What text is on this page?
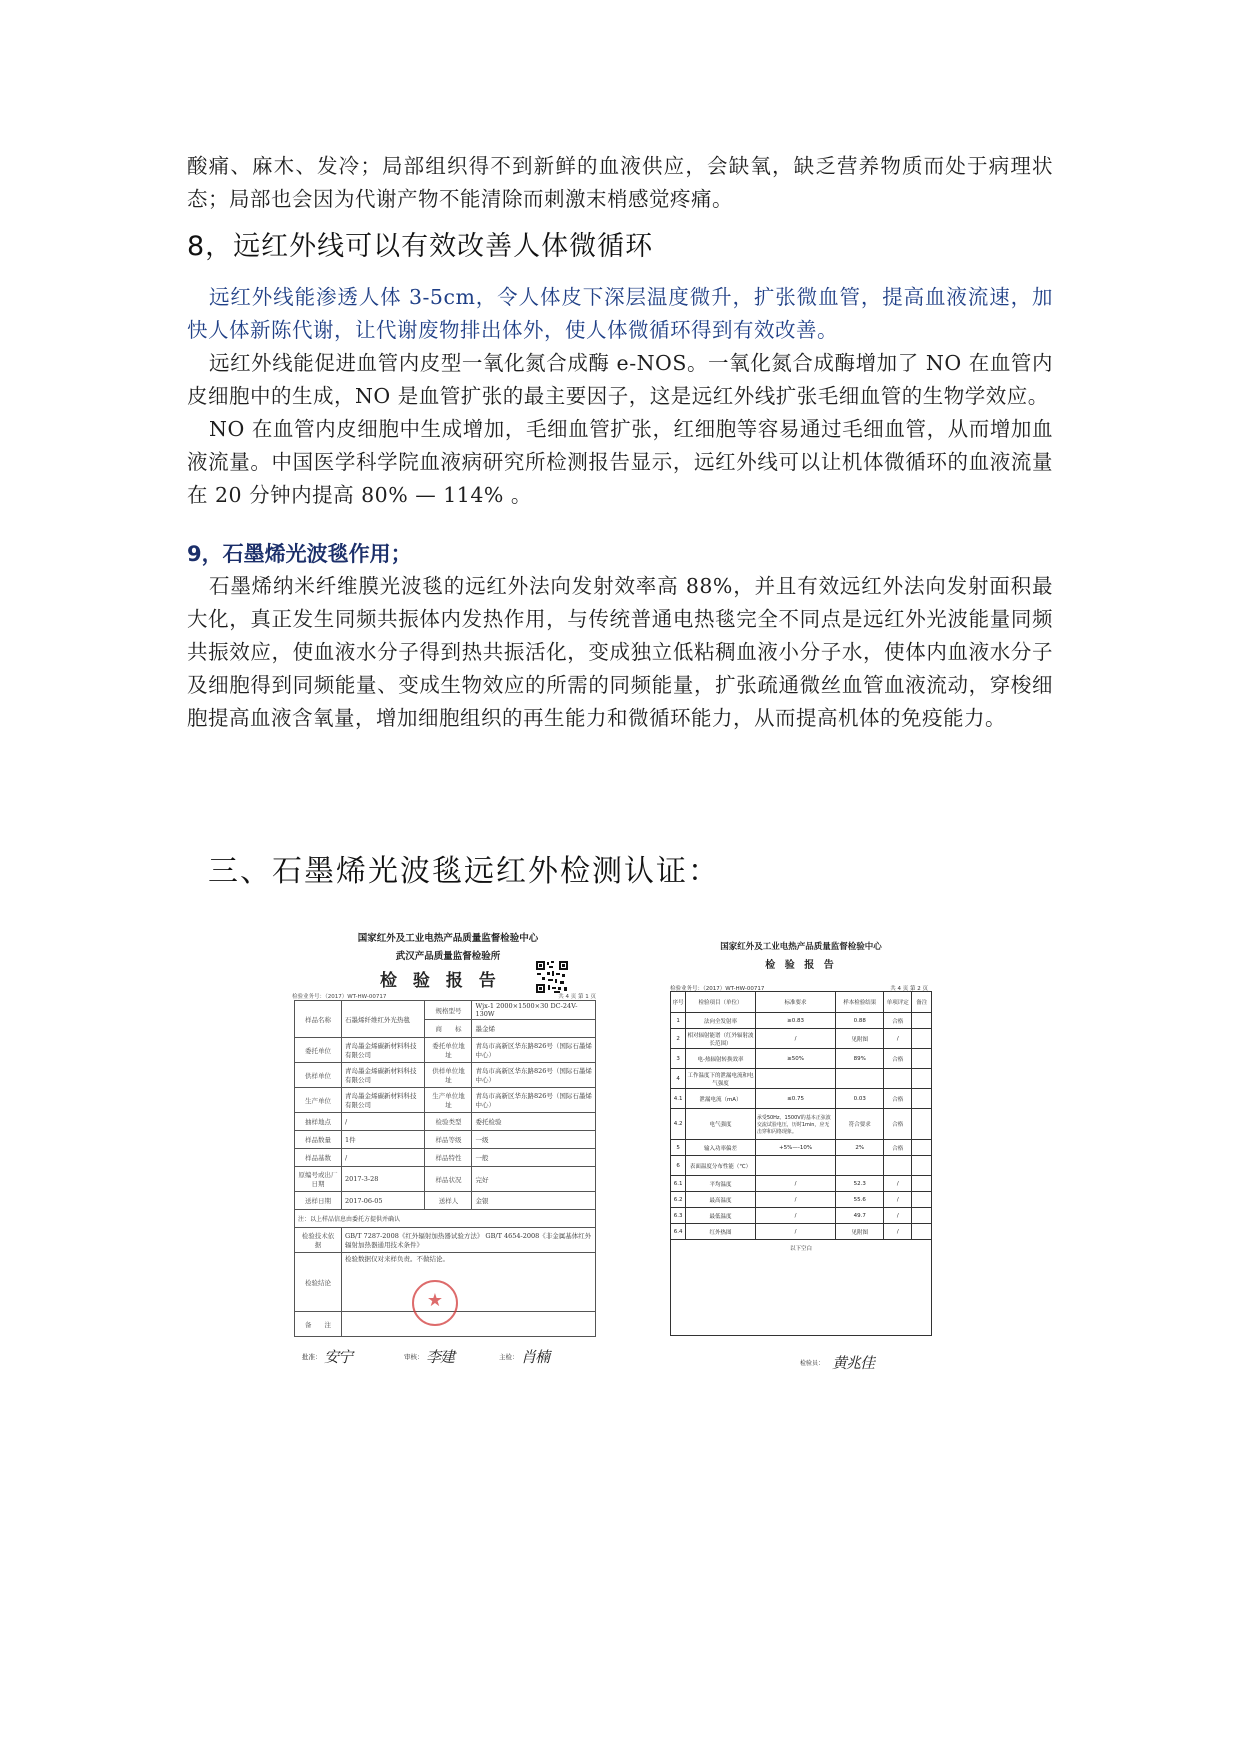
酸痛、麻木、发冷；局部组织得不到新鲜的血液供应，会缺氧，缺乏营养物质而处于病理状态；局部也会因为代谢产物不能清除而刺激末梢感觉疼痛。

8，远红外线可以有效改善人体微循环

远红外线能渗透人体 3-5cm，令人体皮下深层温度微升，扩张微血管，提高血液流速，加快人体新陈代谢，让代谢废物排出体外，使人体微循环得到有效改善。

远红外线能促进血管内皮型一氧化氮合成酶 e-NOS。一氧化氮合成酶增加了 NO 在血管内皮细胞中的生成，NO 是血管扩张的最主要因子，这是远红外线扩张毛细血管的生物学效应。

NO 在血管内皮细胞中生成增加，毛细血管扩张，红细胞等容易通过毛细血管，从而增加血液流量。中国医学科学院血液病研究所检测报告显示，远红外线可以让机体微循环的血液流量在 20 分钟内提高 80% — 114% 。

9，石墨烯光波毯作用；

石墨烯纳米纤维膜光波毯的远红外法向发射效率高 88%，并且有效远红外法向发射面积最大化，真正发生同频共振体内发热作用，与传统普通电热毯完全不同点是远红外光波能量同频共振效应，使血液水分子得到热共振活化，变成独立低粘稠血液小分子水，使体内血液水分子及细胞得到同频能量、变成生物效应的所需的同频能量，扩张疏通微丝血管血液流动，穿梭细胞提高血液含氧量，增加细胞组织的再生能力和微循环能力，从而提高机体的免疫能力。

三、石墨烯光波毯远红外检测认证：
国家红外及工业电热产品质量监督检验中心
武汉产品质量监督检验所
检 验 报 告
检验业务号：（2017）WT-HW-00717	共 4 页 第 1 页
样品名称	石墨烯纤维红外光热毯	规格型号	Wjx-1 2000×1500×30 DC-24V-130W
		商　　标	墨金烯
委托单位	青岛墨金烯碳新材料科技有限公司	委托单位地　　址	青岛市高新区华东路826号（国际石墨烯中心）
供样单位	青岛墨金烯碳新材料科技有限公司	供样单位地　　址	青岛市高新区华东路826号（国际石墨烯中心）
生产单位	青岛墨金烯碳新材料科技有限公司	生产单位地　　址	青岛市高新区华东路826号（国际石墨烯中心）
抽样地点	/	检验类型	委托检验
样品数量	1件	样品等级	一级
样品基数	/	样品特性	一般
原编号或出厂日期	2017-3-28	样品状况	完好
送样日期	2017-06-05	送样人	金银
注：以上样品信息由委托方提供并确认			
检验技术依　　据	GB/T 7287-2008《红外辐射加热器试验方法》 GB/T 4654-2008《非金属基体红外辐射加热器通用技术条件》		
检验结论	检验数据仅对来样负责。不做结论。		
备　　注			
★
批准： 安宁	审核： 李建	主检： 肖楠
国家红外及工业电热产品质量监督检验中心
检 验 报 告
检验业务号：（2017）WT-HW-00717	共 4 页 第 2 页
序号	检验项目（单位）	标准要求	样本检验结果	单项评定	备注
1	法向全发射率	≥0.83	0.88	合格	
2	相对辐射能谱（红外辐射波长范围）	/	见附图	/	
3	电-热辐射转换效率	≥50%	89%	合格	
4	工作温度下的泄漏电流和电气强度				
4.1	泄漏电流（mA）	≤0.75	0.03	合格	
4.2	电气强度	承受50Hz、1500V的基本正弦波交流试验电压，历时1min，应无击穿和闪络现象。	符合要求	合格	
5	输入功率偏差	+5%—-10%	2%	合格	
6	表面温度分布性能（℃）				
6.1	平均温度	/	52.3	/	
6.2	最高温度	/	55.6	/	
6.3	最低温度	/	49.7	/	
6.4	红外热图	/	见附图	/	
以下空白					
检验员： 黄兆佳
